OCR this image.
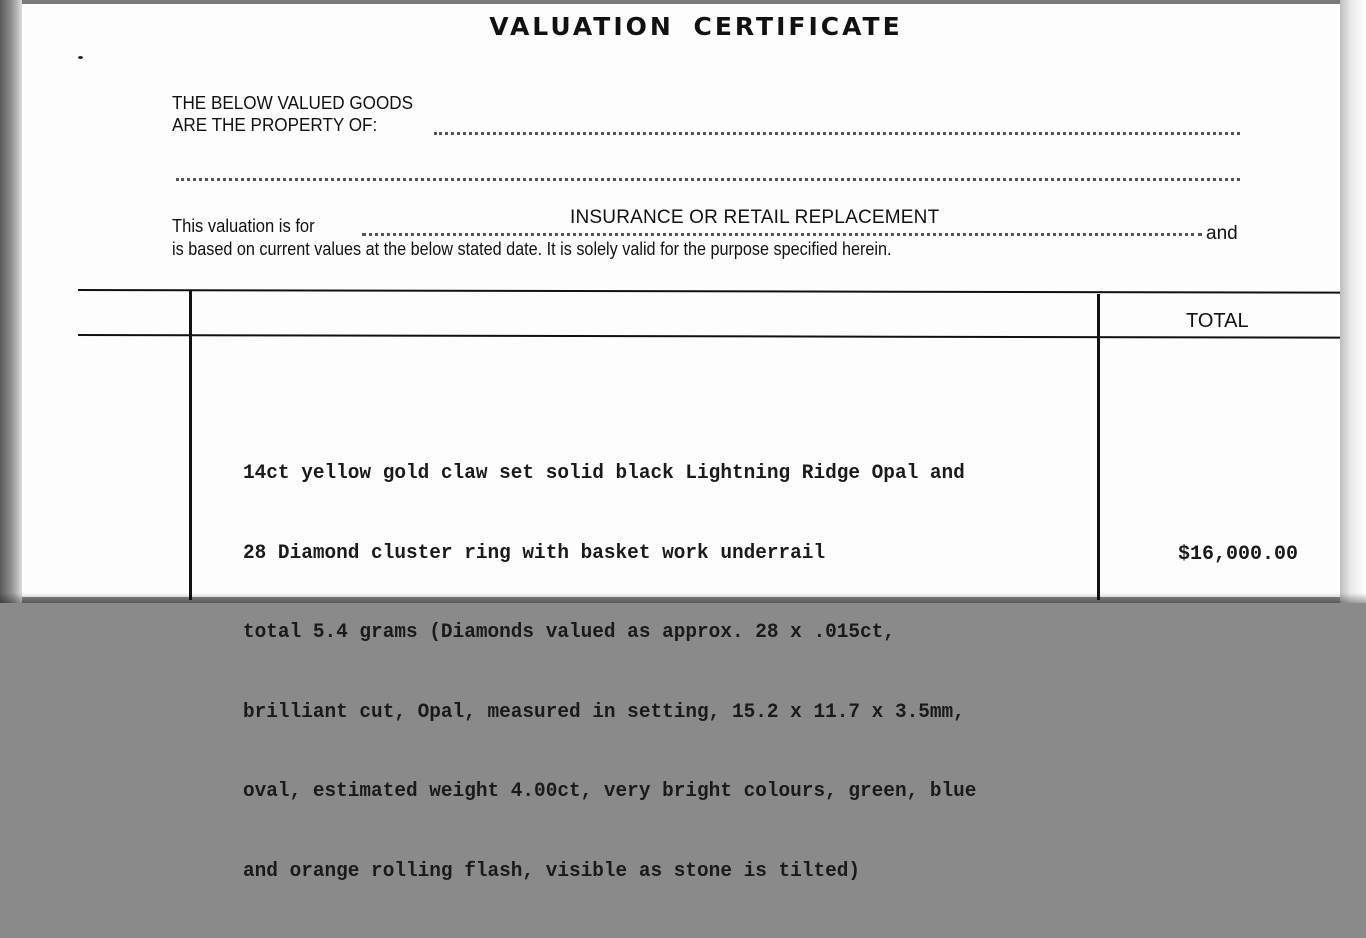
VALUATION CERTIFICATE
THE BELOW VALUED GOODS
ARE THE PROPERTY OF:
This valuation is for	INSURANCE OR RETAIL REPLACEMENT
and
is based on current values at the below stated date. It is solely valid for the purpose specified herein.
TOTAL

14ct yellow gold claw set solid black Lightning Ridge Opal and

28 Diamond cluster ring with basket work underrail

total 5.4 grams (Diamonds valued as approx. 28 x .015ct,

brilliant cut, Opal, measured in setting, 15.2 x 11.7 x 3.5mm,

oval, estimated weight 4.00ct, very bright colours, green, blue

and orange rolling flash, visible as stone is tilted)

$16,000.00
